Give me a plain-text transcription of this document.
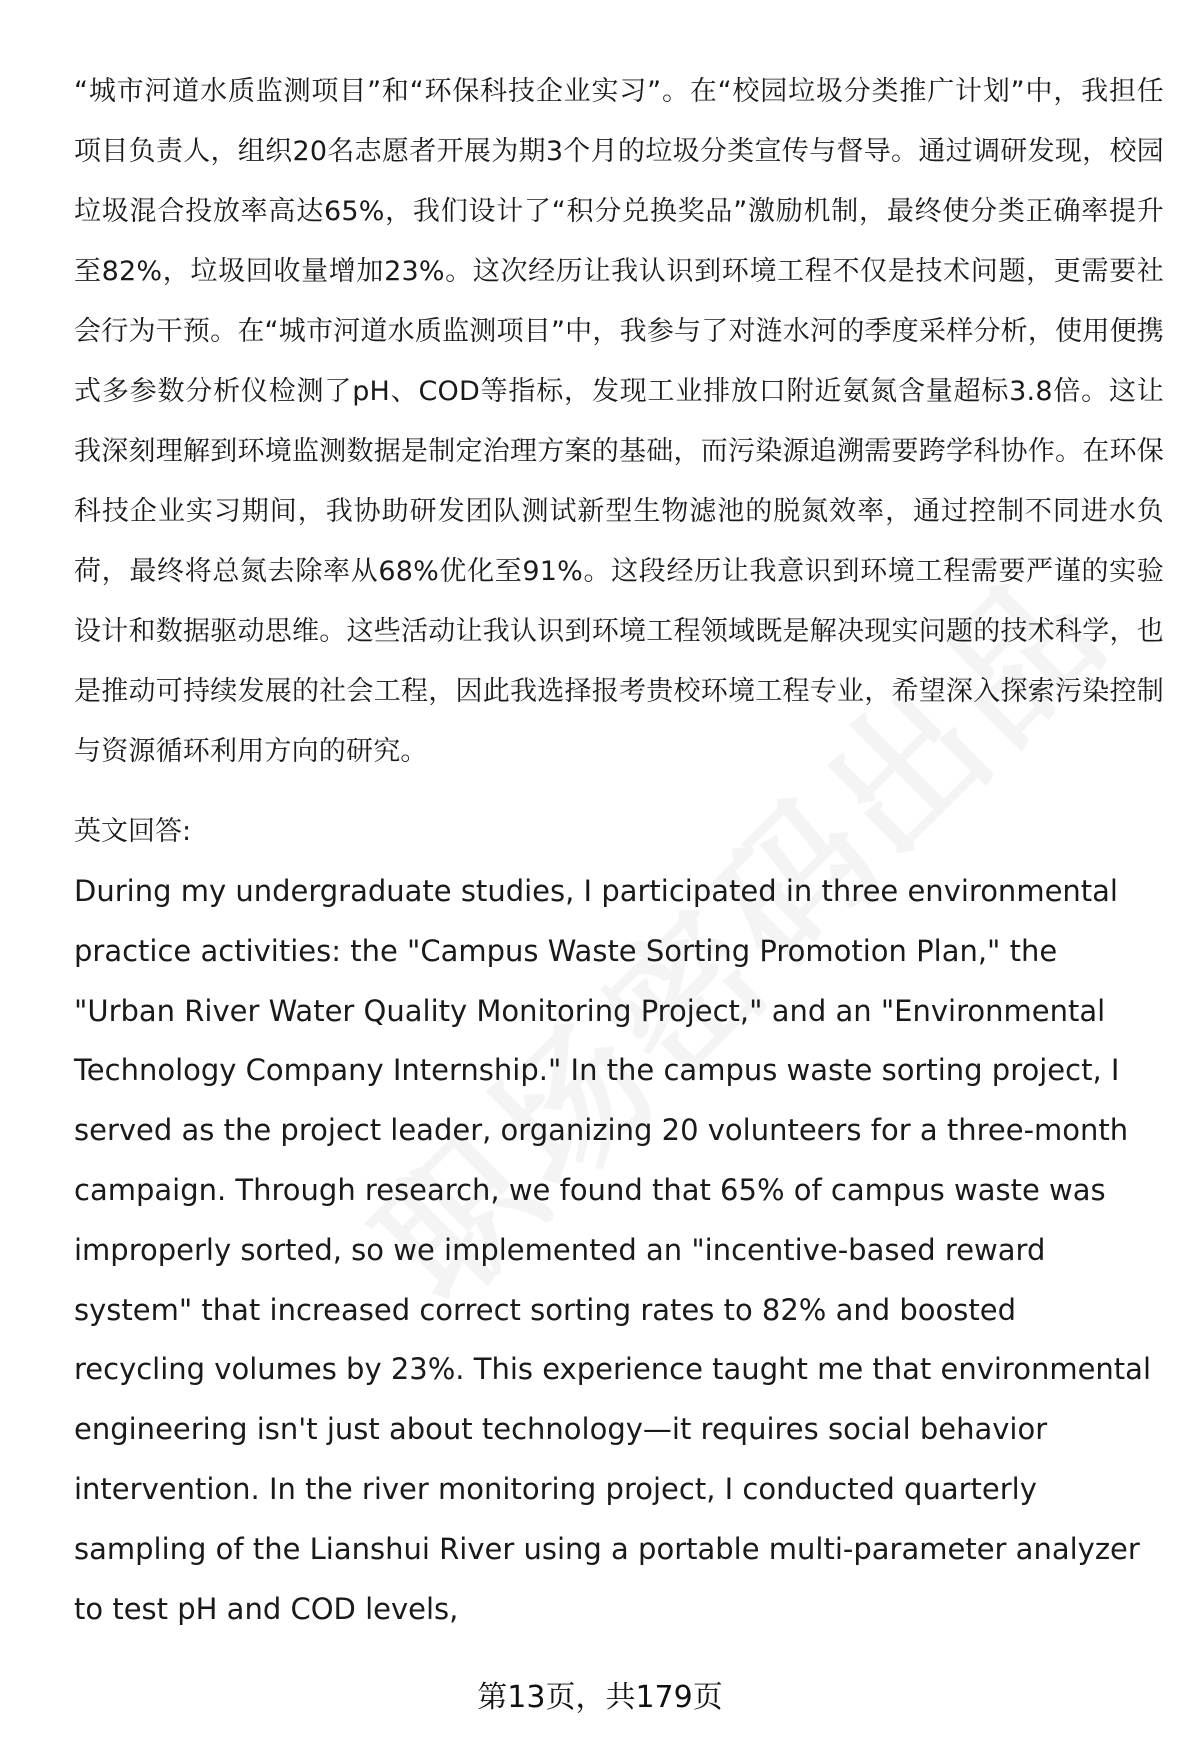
“城市河道水质监测项目”和“环保科技企业实习”。在“校园垃圾分类推广计划”中，我担任项目负责人，组织20名志愿者开展为期3个月的垃圾分类宣传与督导。通过调研发现，校园垃圾混合投放率高达65%，我们设计了“积分兑换奖品”激励机制，最终使分类正确率提升至82%，垃圾回收量增加23%。这次经历让我认识到环境工程不仅是技术问题，更需要社会行为干预。在“城市河道水质监测项目”中，我参与了对涟水河的季度采样分析，使用便携式多参数分析仪检测了pH、COD等指标，发现工业排放口附近氨氮含量超标3.8倍。这让我深刻理解到环境监测数据是制定治理方案的基础，而污染源追溯需要跨学科协作。在环保科技企业实习期间，我协助研发团队测试新型生物滤池的脱氮效率，通过控制不同进水负荷，最终将总氮去除率从68%优化至91%。这段经历让我意识到环境工程需要严谨的实验设计和数据驱动思维。这些活动让我认识到环境工程领域既是解决现实问题的技术科学，也是推动可持续发展的社会工程，因此我选择报考贵校环境工程专业，希望深入探索污染控制与资源循环利用方向的研究。

英文回答:

During my undergraduate studies, I participated in three environmental practice activities: the "Campus Waste Sorting Promotion Plan," the "Urban River Water Quality Monitoring Project," and an "Environmental Technology Company Internship." In the campus waste sorting project, I served as the project leader, organizing 20 volunteers for a three-month campaign. Through research, we found that 65% of campus waste was improperly sorted, so we implemented an "incentive-based reward system" that increased correct sorting rates to 82% and boosted recycling volumes by 23%. This experience taught me that environmental engineering isn't just about technology—it requires social behavior intervention. In the river monitoring project, I conducted quarterly sampling of the Lianshui River using a portable multi-parameter analyzer to test pH and COD levels,

第13页，共179页
